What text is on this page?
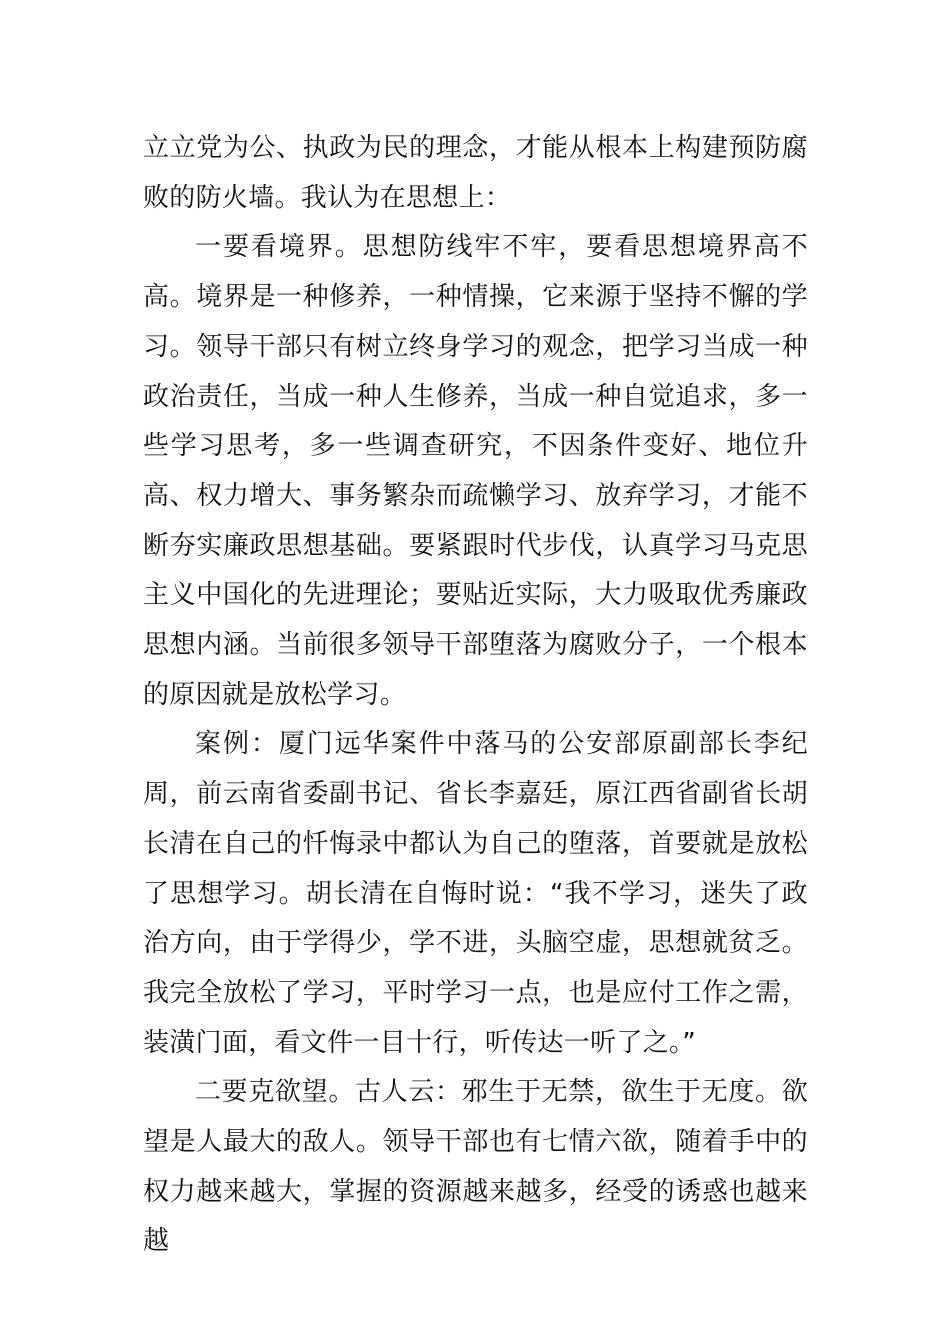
立立党为公、执政为民的理念，才能从根本上构建预防腐败的防火墙。我认为在思想上：

一要看境界。思想防线牢不牢，要看思想境界高不高。境界是一种修养，一种情操，它来源于坚持不懈的学习。领导干部只有树立终身学习的观念，把学习当成一种政治责任，当成一种人生修养，当成一种自觉追求，多一些学习思考，多一些调查研究，不因条件变好、地位升高、权力增大、事务繁杂而疏懒学习、放弃学习，才能不断夯实廉政思想基础。要紧跟时代步伐，认真学习马克思主义中国化的先进理论；要贴近实际，大力吸取优秀廉政思想内涵。当前很多领导干部堕落为腐败分子，一个根本的原因就是放松学习。

案例：厦门远华案件中落马的公安部原副部长李纪周，前云南省委副书记、省长李嘉廷，原江西省副省长胡长清在自己的忏悔录中都认为自己的堕落，首要就是放松了思想学习。胡长清在自悔时说：“我不学习，迷失了政治方向，由于学得少，学不进，头脑空虚，思想就贫乏。我完全放松了学习，平时学习一点，也是应付工作之需，装潢门面，看文件一目十行，听传达一听了之。”

二要克欲望。古人云：邪生于无禁，欲生于无度。欲望是人最大的敌人。领导干部也有七情六欲，随着手中的权力越来越大，掌握的资源越来越多，经受的诱惑也越来越
